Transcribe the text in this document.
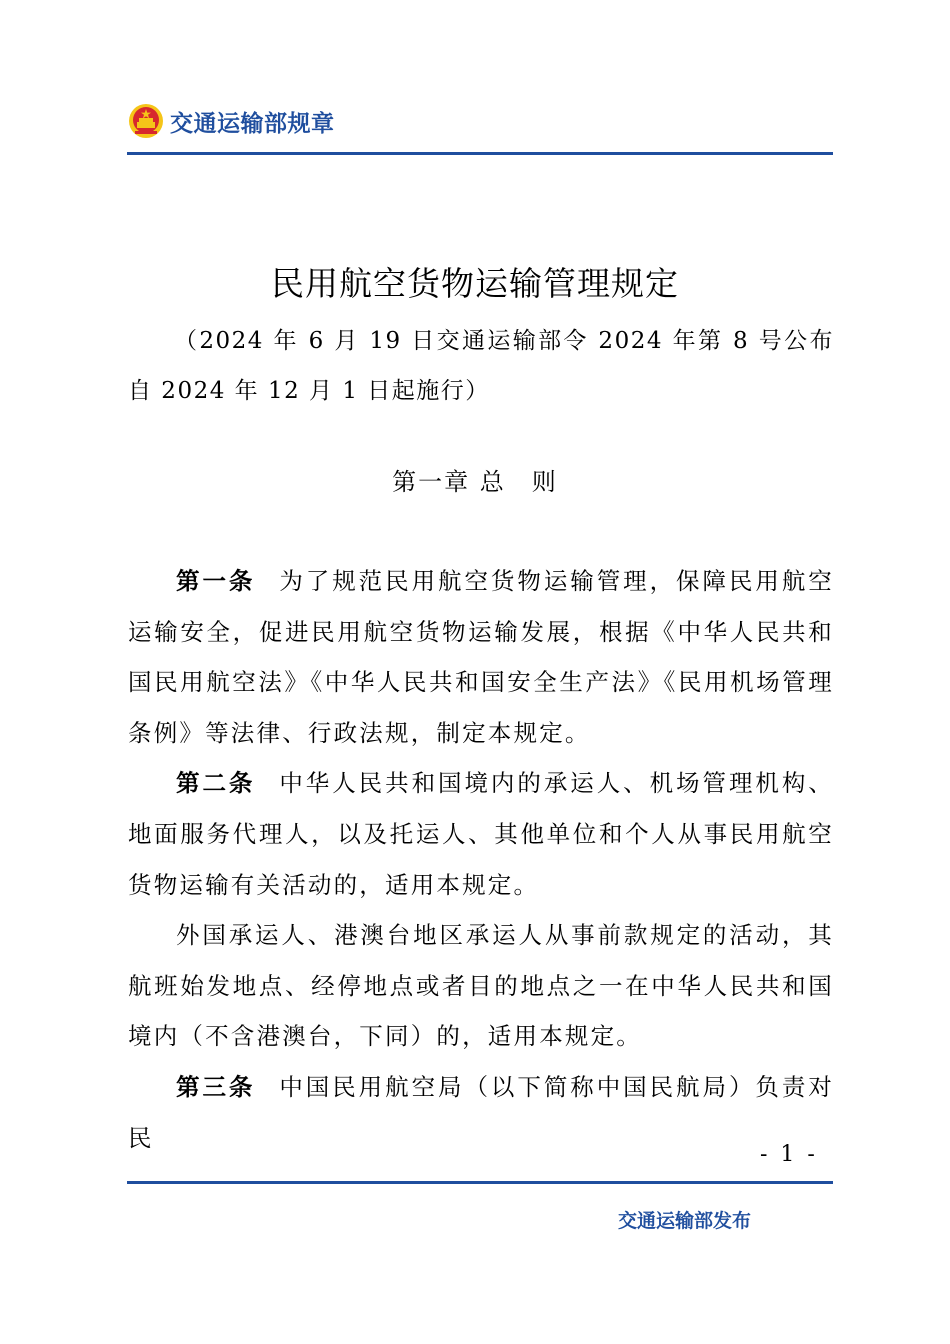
交通运输部规章
民用航空货物运输管理规定
（2024 年 6 月 19 日交通运输部令 2024 年第 8 号公布　自 2024 年 12 月 1 日起施行）
第一章 总　则

第一条 为了规范民用航空货物运输管理，保障民用航空运输安全，促进民用航空货物运输发展，根据《中华人民共和国民用航空法》《中华人民共和国安全生产法》《民用机场管理条例》等法律、行政法规，制定本规定。

第二条 中华人民共和国境内的承运人、机场管理机构、地面服务代理人，以及托运人、其他单位和个人从事民用航空货物运输有关活动的，适用本规定。

外国承运人、港澳台地区承运人从事前款规定的活动，其航班始发地点、经停地点或者目的地点之一在中华人民共和国境内（不含港澳台，下同）的，适用本规定。

第三条 中国民用航空局（以下简称中国民航局）负责对民

- 1 -
交通运输部发布
